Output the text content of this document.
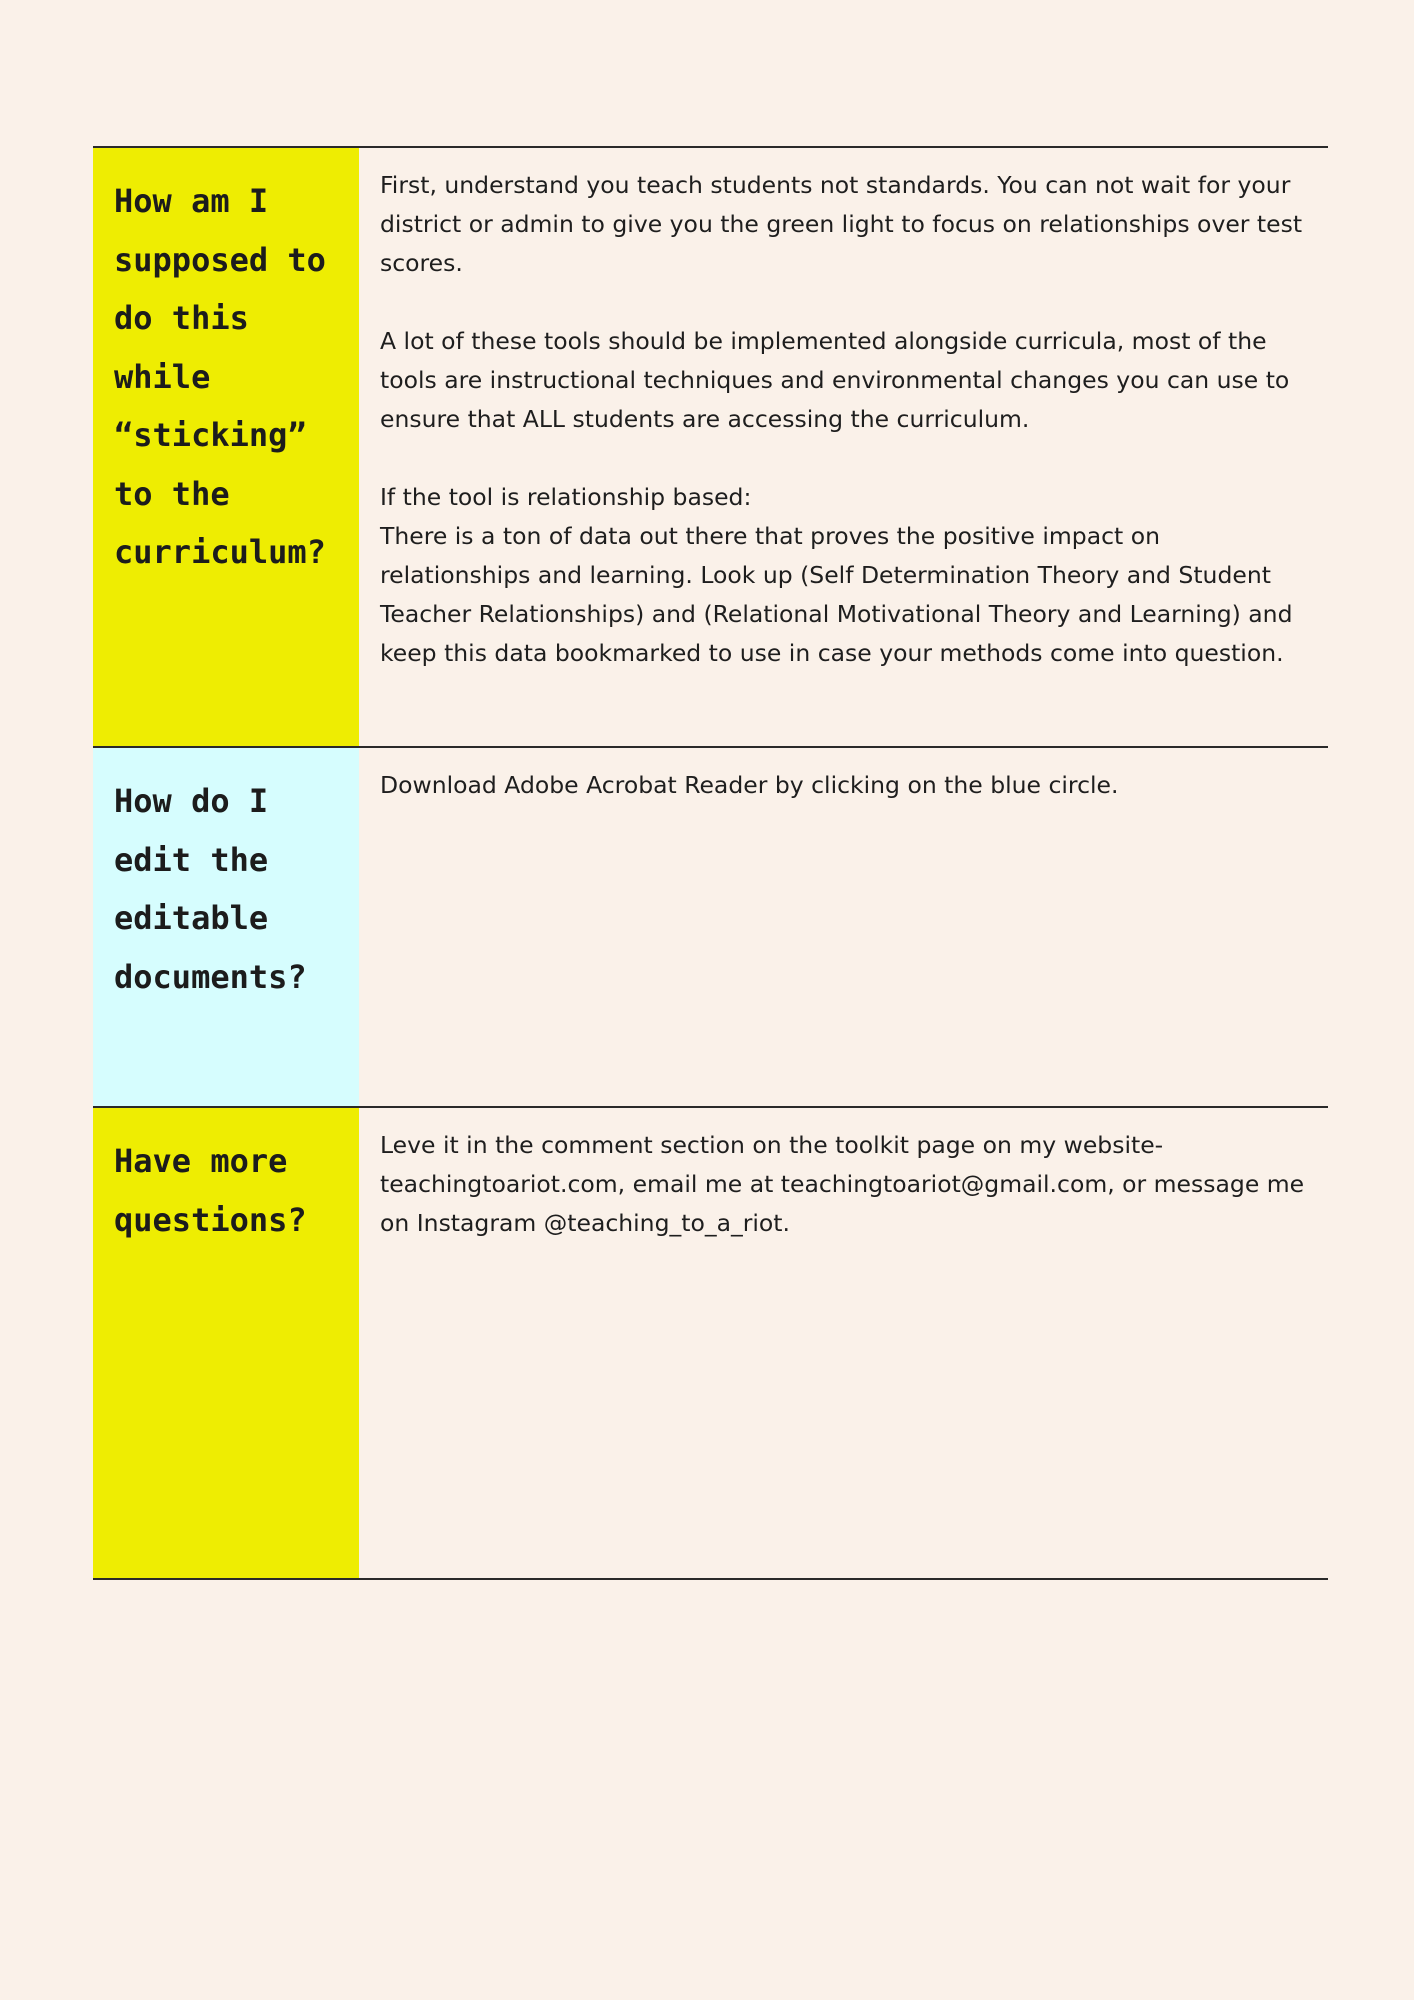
How am I supposed to do this while “sticking” to the curriculum?

First, understand you teach students not standards. You can not wait for your district or admin to give you the green light to focus on relationships over test scores.

A lot of these tools should be implemented alongside curricula, most of the tools are instructional techniques and environmental changes you can use to ensure that ALL students are accessing the curriculum.

If the tool is relationship based:
There is a ton of data out there that proves the positive impact on relationships and learning. Look up (Self Determination Theory and Student Teacher Relationships) and (Relational Motivational Theory and Learning) and keep this data bookmarked to use in case your methods come into question.

How do I edit the editable documents?

Download Adobe Acrobat Reader by clicking on the blue circle.

Have more questions?

Leve it in the comment section on the toolkit page on my website- teachingtoariot.com, email me at teachingtoariot@gmail.com, or message me on Instagram @teaching_to_a_riot.
